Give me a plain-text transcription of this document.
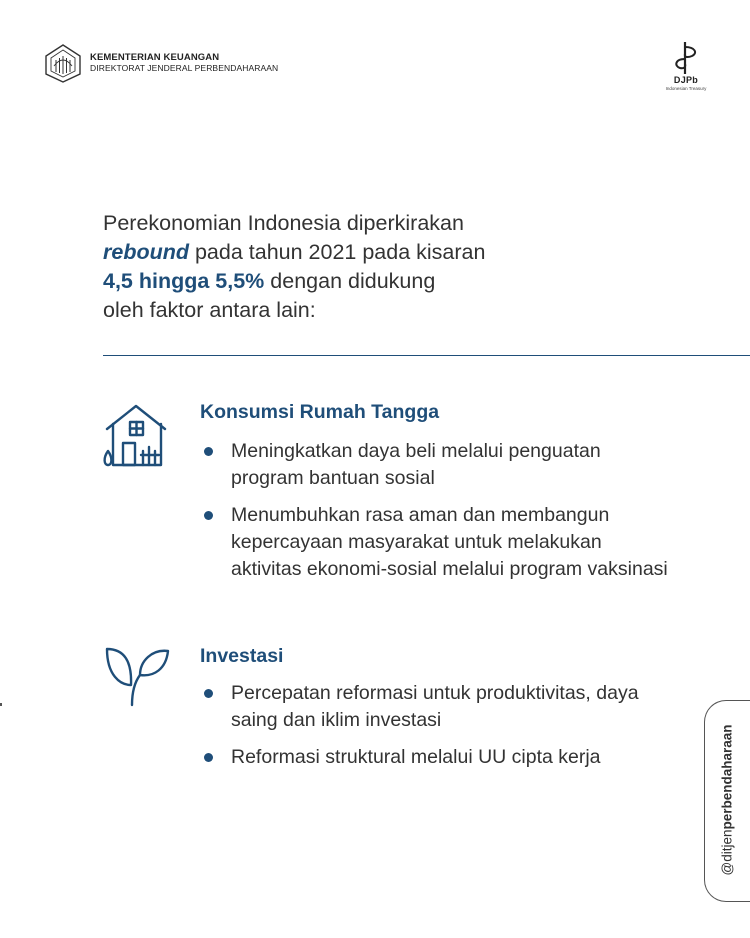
KEMENTERIAN KEUANGAN
DIREKTORAT JENDERAL PERBENDAHARAAN
DJPb
Indonesian Treasury
Perekonomian Indonesia diperkirakan
rebound pada tahun 2021 pada kisaran
4,5 hingga 5,5% dengan didukung
oleh faktor antara lain:
Konsumsi Rumah Tangga
Meningkatkan daya beli melalui penguatan program bantuan sosial
Menumbuhkan rasa aman dan membangun kepercayaan masyarakat untuk melakukan aktivitas ekonomi-sosial melalui program vaksinasi
Investasi
Percepatan reformasi untuk produktivitas, daya saing dan iklim investasi
Reformasi struktural melalui UU cipta kerja
@ditjenperbendaharaan
